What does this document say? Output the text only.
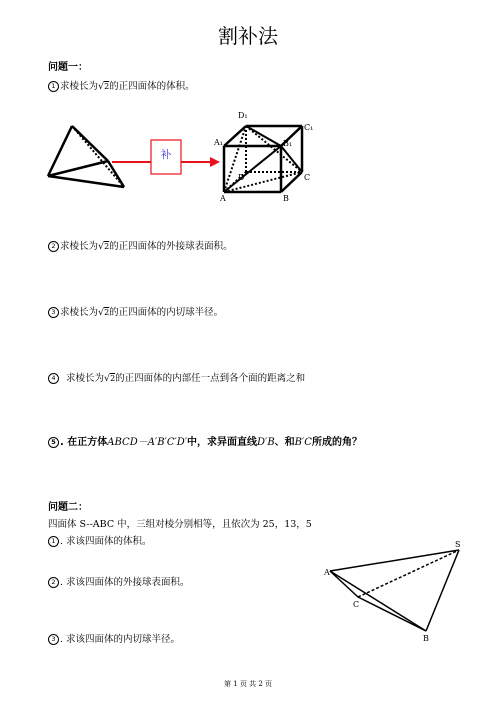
割补法
问题一：
1 求棱长为√2的正四面体的体积。
补
D₁
C₁
A₁	B₁
D	C
A	B
2 求棱长为√2的正四面体的外接球表面积。
3 求棱长为√2的正四面体的内切球半径。
4 求棱长为√2的正四面体的内部任一点到各个面的距离之和
5 . 在正方体ABCD－A′B′C′D′中，求异面直线D′B、和B′C所成的角？
问题二：
四面体 S--ABC 中，三组对棱分别相等，且依次为 25，13，5
1 . 求该四面体的体积。
2 . 求该四面体的外接球表面积。
3 . 求该四面体的内切球半径。
S
A
C
B
第 1 页 共 2 页
